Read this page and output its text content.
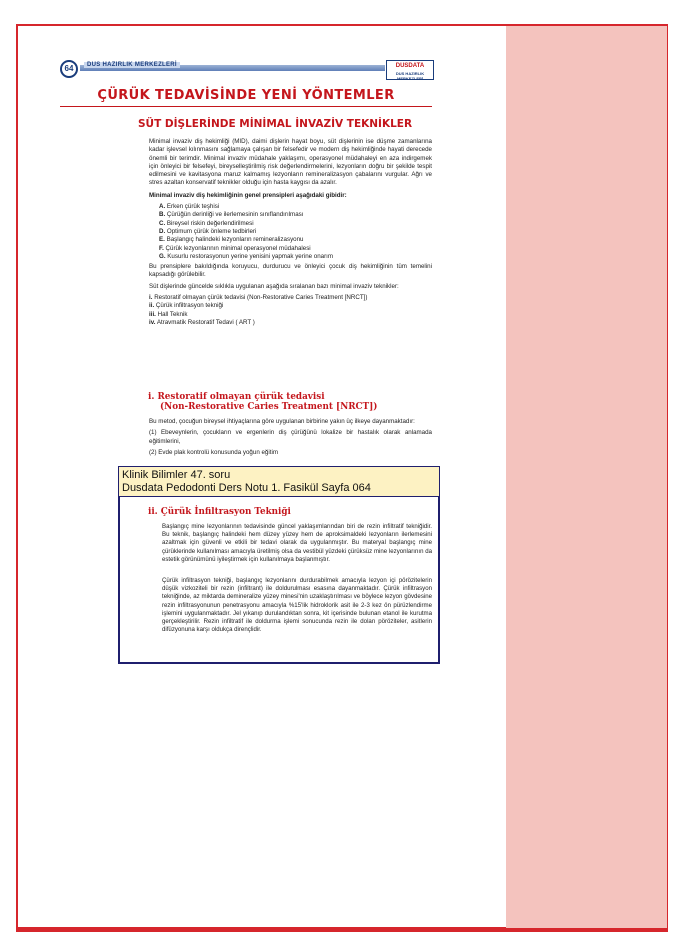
64	DUS HAZIRLIK MERKEZLERİ	DUSDATA
DUS HAZIRLIK MERKEZLERİ
ÇÜRÜK TEDAVİSİNDE YENİ YÖNTEMLER
SÜT DİŞLERİNDE MİNİMAL İNVAZİV TEKNİKLER

Minimal invaziv diş hekimliği (MID), daimi dişlerin hayat boyu, süt dişlerinin ise düşme zamanlarına kadar işlevsel kılınmasını sağlamaya çalışan bir felsefedir ve modern diş hekimliğinde hayati derecede önemli bir terimdir. Minimal invaziv müdahale yaklaşımı, operasyonel müdahaleyi en aza indirgemek için önleyici bir felsefeyi, bireyselleştirilmiş risk değerlendirmelerini, lezyonların doğru bir şekilde tespit edilmesini ve kavitasyona maruz kalmamış lezyonların remineralizasyon çabalarını vurgular. Ağrı ve stres azaltan konservatif teknikler olduğu için hasta kaygısı da azalır.

Minimal invaziv diş hekimliğinin genel prensipleri aşağıdaki gibidir:

A. Erken çürük teşhisi
B. Çürüğün derinliği ve ilerlemesinin sınıflandırılması
C. Bireysel riskin değerlendirilmesi
D. Optimum çürük önleme tedbirleri
E. Başlangıç halindeki lezyonların remineralizasyonu
F. Çürük lezyonlarının minimal operasyonel müdahalesi
G. Kusurlu restorasyonun yerine yenisini yapmak yerine onarım

Bu prensiplere bakıldığında koruyucu, durdurucu ve önleyici çocuk diş hekimliğinin tüm temelini kapsadığı görülebilir.

Süt dişlerinde güncelde sıklıkla uygulanan aşağıda sıralanan bazı minimal invaziv teknikler:

i. Restoratif olmayan çürük tedavisi (Non-Restorative Caries Treatment [NRCT])
ii. Çürük infiltrasyon tekniği
iii. Hall Teknik
iv. Atravmatik Restoratif Tedavi ( ART )
i. Restoratif olmayan çürük tedavisi
(Non-Restorative Caries Treatment [NRCT])

Bu metod, çocuğun bireysel ihtiyaçlarına göre uygulanan birbirine yakın üç ilkeye dayanmaktadır:

(1) Ebeveynlerin, çocukların ve ergenlerin diş çürüğünü lokalize bir hastalık olarak anlamada eğitimlerini,

(2) Evde plak kontrolü konusunda yoğun eğitim

Klinik Bilimler 47. soru
Dusdata Pedodonti Ders Notu 1. Fasikül Sayfa 064
ii. Çürük İnfiltrasyon Tekniği
Başlangıç mine lezyonlarının tedavisinde güncel yaklaşımlarından biri de rezin infiltratif tekniğidir. Bu teknik, başlangıç halindeki hem düzey yüzey hem de aproksimaldeki lezyonların ilerlemesini azaltmak için güvenli ve etkili bir tedavi olarak da uygulanmıştır. Bu materyal başlangıç mine çürüklerinde kullanılması amacıyla üretilmiş olsa da vestibül yüzdeki çürüksüz mine lezyonlarının da estetik görünümünü iyileştirmek için kullanılmaya başlanmıştır.
Çürük infiltrasyon tekniği, başlangıç lezyonlarını durdurabilmek amacıyla lezyon içi pörözitelerin düşük vizkoziteli bir rezin (infiltrant) ile doldurulması esasına dayanmaktadır. Çürük infiltrasyon tekniğinde, az miktarda demineralize yüzey minesi'nin uzaklaştırılması ve böylece lezyon gövdesine rezin infiltrasyonunun penetrasyonu amacıyla %15'lik hidroklorik asit ile 2-3 kez ön pürüzlendirme işlemini uygulanmaktadır. Jel yıkanıp durulandıktan sonra, kit içerisinde bulunan etanol ile kurutma gerçekleştirilir. Rezin infiltratif ile doldurma işlemi sonucunda rezin ile dolan pöröziteler, asitlerin difüzyonuna karşı oldukça dirençlidir.
